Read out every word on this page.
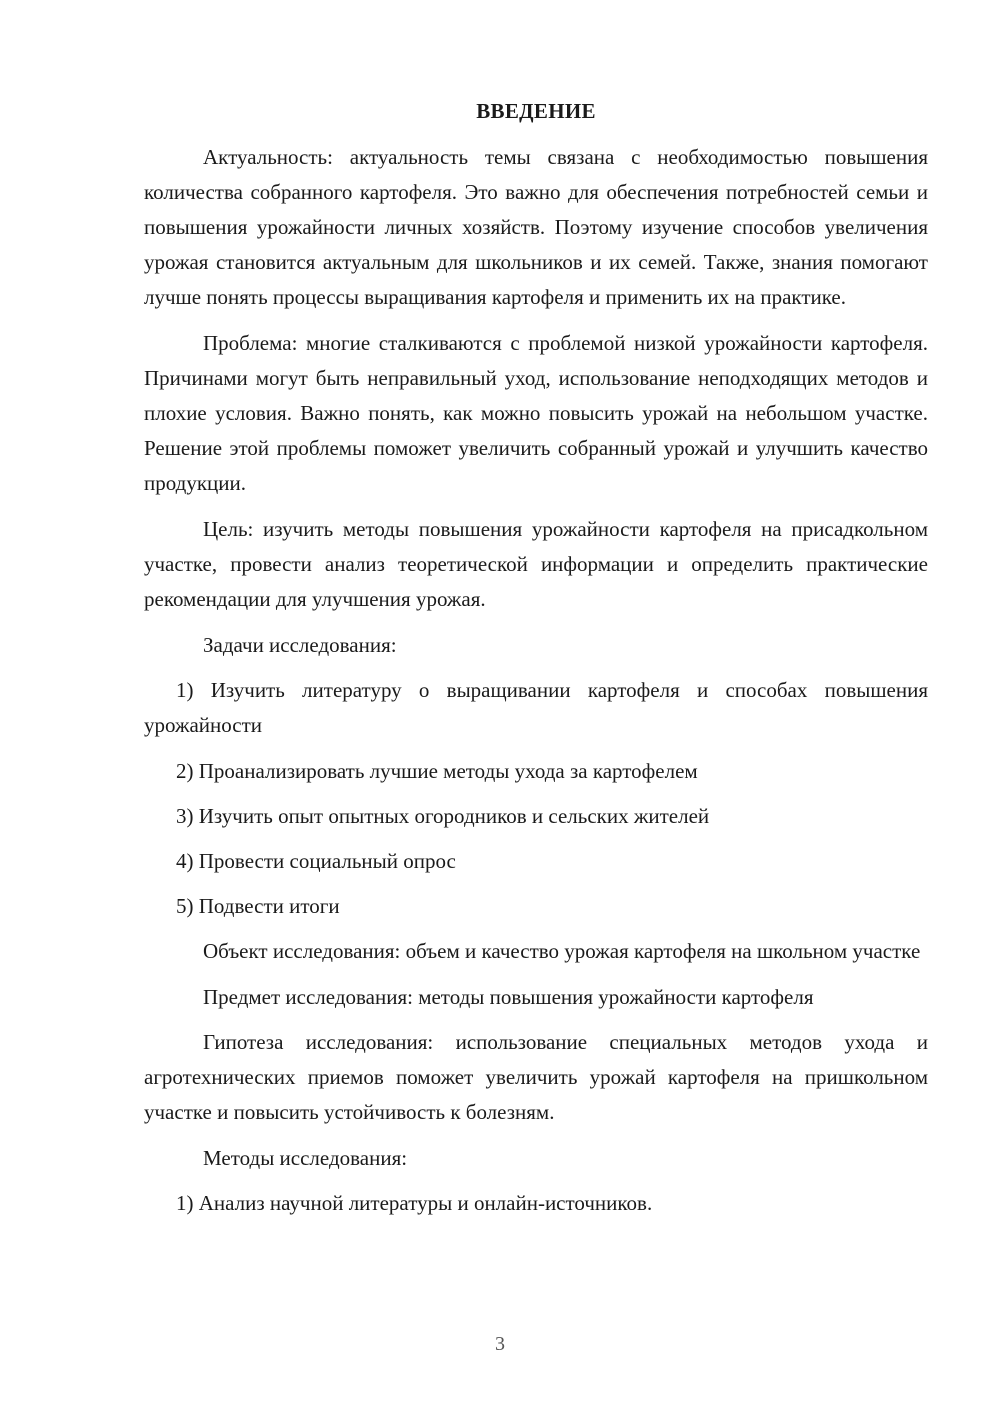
ВВЕДЕНИЕ

Актуальность: актуальность темы связана с необходимостью повышения количества собранного картофеля. Это важно для обеспечения потребностей семьи и повышения урожайности личных хозяйств. Поэтому изучение способов увеличения урожая становится актуальным для школьников и их семей. Также, знания помогают лучше понять процессы выращивания картофеля и применить их на практике.

Проблема: многие сталкиваются с проблемой низкой урожайности картофеля. Причинами могут быть неправильный уход, использование неподходящих методов и плохие условия. Важно понять, как можно повысить урожай на небольшом участке. Решение этой проблемы поможет увеличить собранный урожай и улучшить качество продукции.

Цель: изучить методы повышения урожайности картофеля на присадкольном участке, провести анализ теоретической информации и определить практические рекомендации для улучшения урожая.

Задачи исследования:

1) Изучить литературу о выращивании картофеля и способах повышения урожайности

2) Проанализировать лучшие методы ухода за картофелем

3) Изучить опыт опытных огородников и сельских жителей

4) Провести социальный опрос

5) Подвести итоги

Объект исследования: объем и качество урожая картофеля на школьном участке

Предмет исследования: методы повышения урожайности картофеля

Гипотеза исследования: использование специальных методов ухода и агротехнических приемов поможет увеличить урожай картофеля на пришкольном участке и повысить устойчивость к болезням.

Методы исследования:

1) Анализ научной литературы и онлайн-источников.

3
